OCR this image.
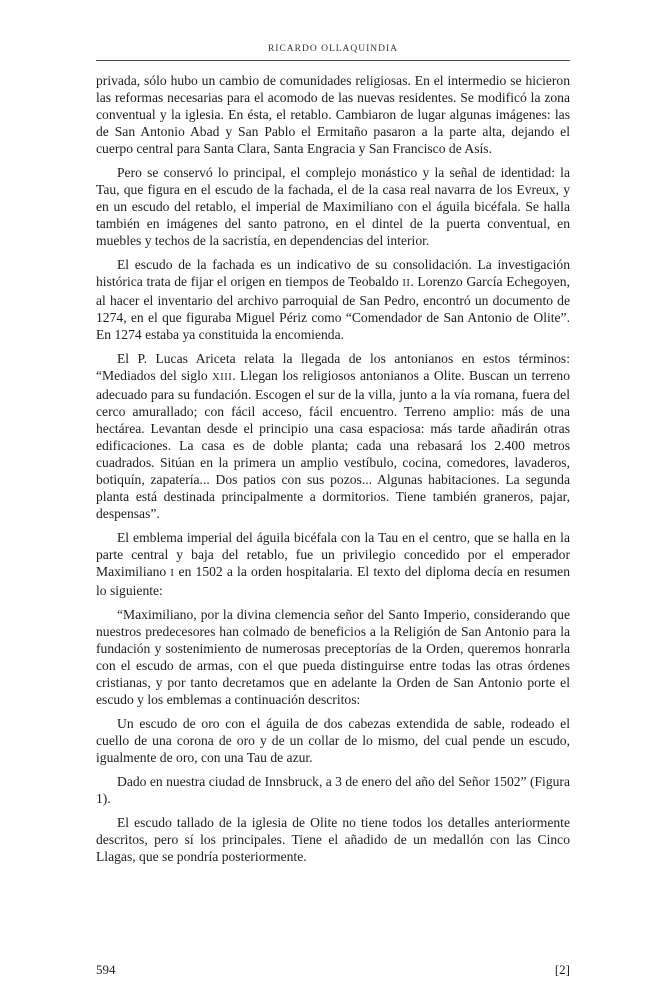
RICARDO OLLAQUINDIA

privada, sólo hubo un cambio de comunidades religiosas. En el intermedio se hicieron las reformas necesarias para el acomodo de las nuevas residentes. Se modificó la zona conventual y la iglesia. En ésta, el retablo. Cambiaron de lugar algunas imágenes: las de San Antonio Abad y San Pablo el Ermitaño pasaron a la parte alta, dejando el cuerpo central para Santa Clara, Santa Engracia y San Francisco de Asís.

Pero se conservó lo principal, el complejo monástico y la señal de identidad: la Tau, que figura en el escudo de la fachada, el de la casa real navarra de los Evreux, y en un escudo del retablo, el imperial de Maximiliano con el águila bicéfala. Se halla también en imágenes del santo patrono, en el dintel de la puerta conventual, en muebles y techos de la sacristía, en dependencias del interior.

El escudo de la fachada es un indicativo de su consolidación. La investigación histórica trata de fijar el origen en tiempos de Teobaldo II. Lorenzo García Echegoyen, al hacer el inventario del archivo parroquial de San Pedro, encontró un documento de 1274, en el que figuraba Miguel Périz como “Comendador de San Antonio de Olite”. En 1274 estaba ya constituida la encomienda.

El P. Lucas Ariceta relata la llegada de los antonianos en estos términos: “Mediados del siglo XIII. Llegan los religiosos antonianos a Olite. Buscan un terreno adecuado para su fundación. Escogen el sur de la villa, junto a la vía romana, fuera del cerco amurallado; con fácil acceso, fácil encuentro. Terreno amplio: más de una hectárea. Levantan desde el principio una casa espaciosa: más tarde añadirán otras edificaciones. La casa es de doble planta; cada una rebasará los 2.400 metros cuadrados. Sitúan en la primera un amplio vestíbulo, cocina, comedores, lavaderos, botiquín, zapatería... Dos patios con sus pozos... Algunas habitaciones. La segunda planta está destinada principalmente a dormitorios. Tiene también graneros, pajar, despensas”.

El emblema imperial del águila bicéfala con la Tau en el centro, que se halla en la parte central y baja del retablo, fue un privilegio concedido por el emperador Maximiliano I en 1502 a la orden hospitalaria. El texto del diploma decía en resumen lo siguiente:

“Maximiliano, por la divina clemencia señor del Santo Imperio, considerando que nuestros predecesores han colmado de beneficios a la Religión de San Antonio para la fundación y sostenimiento de numerosas preceptorías de la Orden, queremos honrarla con el escudo de armas, con el que pueda distinguirse entre todas las otras órdenes cristianas, y por tanto decretamos que en adelante la Orden de San Antonio porte el escudo y los emblemas a continuación descritos:

Un escudo de oro con el águila de dos cabezas extendida de sable, rodeado el cuello de una corona de oro y de un collar de lo mismo, del cual pende un escudo, igualmente de oro, con una Tau de azur.

Dado en nuestra ciudad de Innsbruck, a 3 de enero del año del Señor 1502” (Figura 1).

El escudo tallado de la iglesia de Olite no tiene todos los detalles anteriormente descritos, pero sí los principales. Tiene el añadido de un medallón con las Cinco Llagas, que se pondría posteriormente.

594	[2]
